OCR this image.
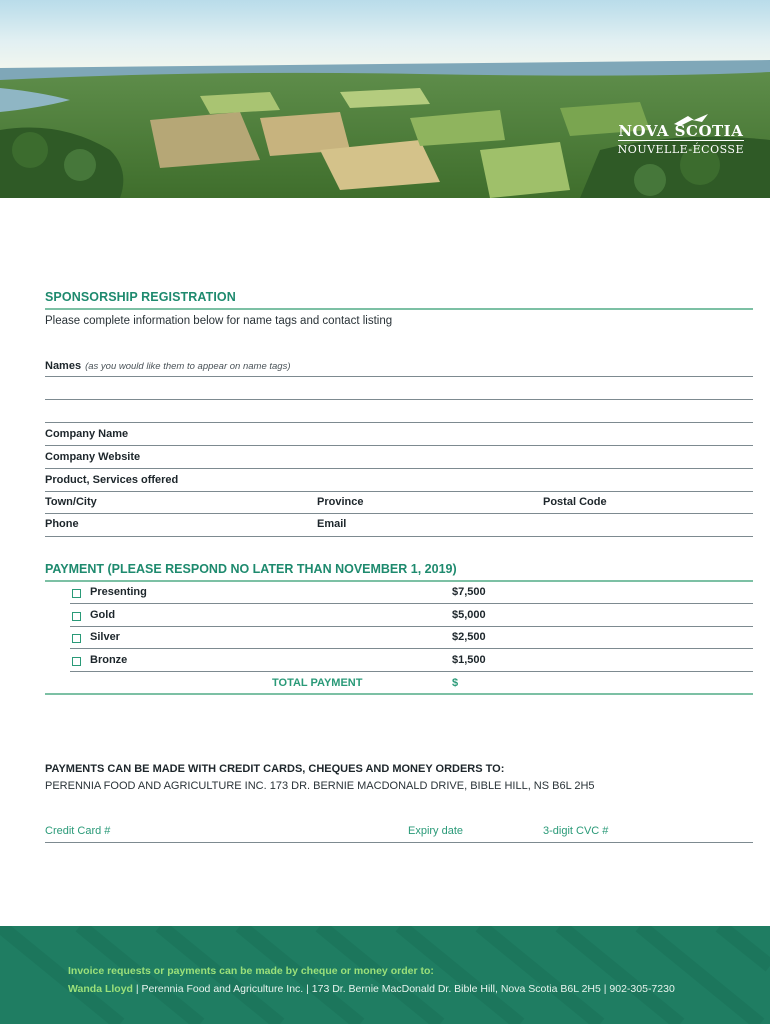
NOVA SCOTIA
NOUVELLE-ÉCOSSE
SPONSORSHIP REGISTRATION
Please complete information below for name tags and contact listing
Names (as you would like them to appear on name tags)
Company Name
Company Website
Product, Services offered
Town/City	Province	Postal Code
Phone	Email
PAYMENT (PLEASE RESPOND NO LATER THAN NOVEMBER 1, 2019)
Presenting	$7,500
Gold	$5,000
Silver	$2,500
Bronze	$1,500
TOTAL PAYMENT	$
PAYMENTS CAN BE MADE WITH CREDIT CARDS, CHEQUES AND MONEY ORDERS TO:
PERENNIA FOOD AND AGRICULTURE INC. 173 DR. BERNIE MACDONALD DRIVE, BIBLE HILL, NS B6L 2H5
Credit Card #	Expiry date	3-digit CVC #
Invoice requests or payments can be made by cheque or money order to:
Wanda Lloyd | Perennia Food and Agriculture Inc. | 173 Dr. Bernie MacDonald Dr. Bible Hill, Nova Scotia B6L 2H5 | 902-305-7230
